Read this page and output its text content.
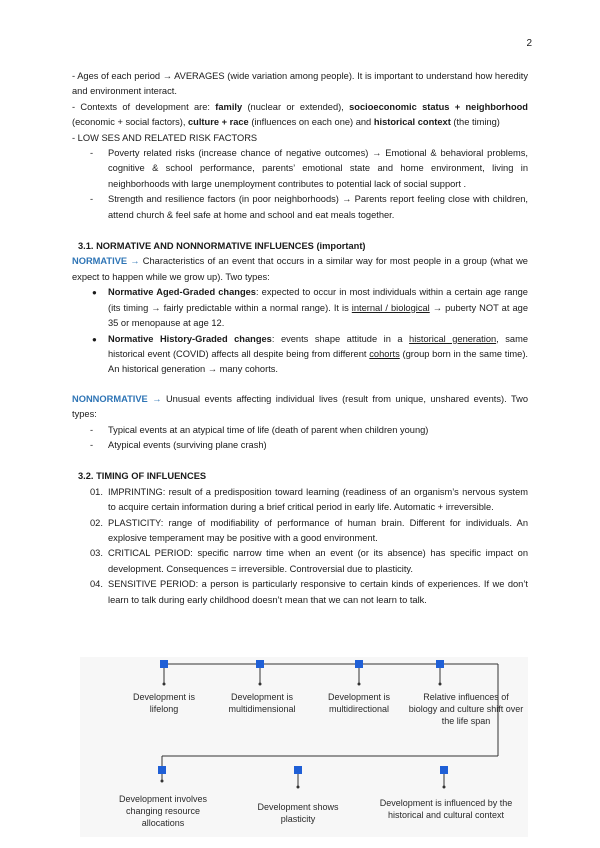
2

- Ages of each period → AVERAGES (wide variation among people). It is important to understand how heredity and environment interact.

- Contexts of development are: family (nuclear or extended), socioeconomic status + neighborhood (economic + social factors), culture + race (influences on each one) and historical context (the timing)

- LOW SES AND RELATED RISK FACTORS

- Poverty related risks (increase chance of negative outcomes) → Emotional & behavioral problems, cognitive & school performance, parents’ emotional state and home environment, living in neighborhoods with large unemployment contributes to potential lack of social support .
- Strength and resilience factors (in poor neighborhoods) → Parents report feeling close with children, attend church & feel safe at home and school and eat meals together.

3.1. NORMATIVE AND NONNORMATIVE INFLUENCES (important)

NORMATIVE → Characteristics of an event that occurs in a similar way for most people in a group (what we expect to happen while we grow up). Two types:

● Normative Aged-Graded changes: expected to occur in most individuals within a certain age range (its timing → fairly predictable within a normal range). It is internal / biological → puberty NOT at age 35 or menopause at age 12.
● Normative History-Graded changes: events shape attitude in a historical generation, same historical event (COVID) affects all despite being from different cohorts (group born in the same time). An historical generation → many cohorts.

NONNORMATIVE → Unusual events affecting individual lives (result from unique, unshared events). Two types:

- Typical events at an atypical time of life (death of parent when children young)
- Atypical events (surviving plane crash)

3.2. TIMING OF INFLUENCES

01. IMPRINTING: result of a predisposition toward learning (readiness of an organism’s nervous system to acquire certain information during a brief critical period in early life. Automatic + irreversible.
02. PLASTICITY: range of modifiability of performance of human brain. Different for individuals. An explosive temperament may be positive with a good environment.
03. CRITICAL PERIOD: specific narrow time when an event (or its absence) has specific impact on development. Consequences = irreversible. Controversial due to plasticity.
04. SENSITIVE PERIOD: a person is particularly responsive to certain kinds of experiences. If we don’t learn to talk during early childhood doesn’t mean that we can not learn to talk.
Development is lifelong
Development is multidimensional
Development is multidirectional
Relative influences of biology and culture shift over the life span
Development involves changing resource allocations
Development shows plasticity
Development is influenced by the historical and cultural context
